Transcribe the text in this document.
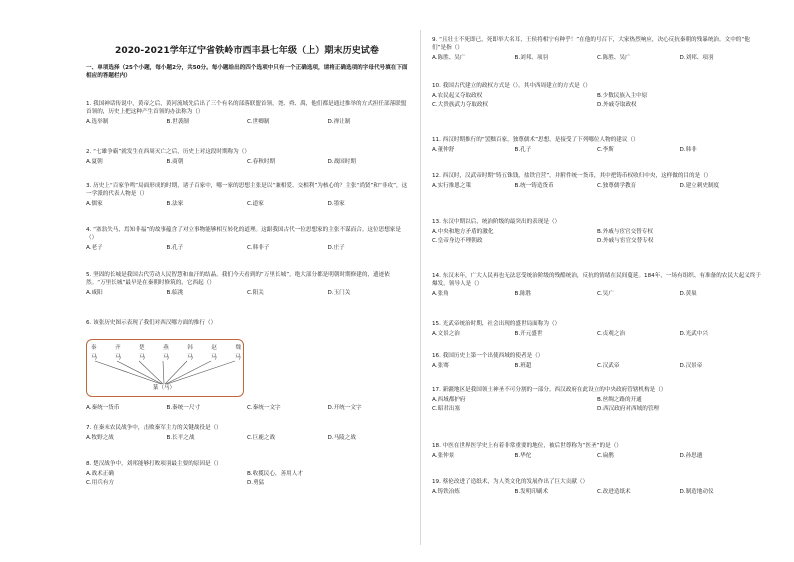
2020-2021学年辽宁省铁岭市西丰县七年级（上）期末历史试卷
一、单项选择（25个小题，每小题2分，共50分。每小题给出的四个选项中只有一个正确选项，请将正确选项的字母代号填在下面相应的答题栏内）
1. 我国神话传说中，黄帝之后，黄河流域先后出了三个有名的部落联盟首领，尧、舜、禹，他们都是通过推举的方式担任部落联盟首领的，历史上把这种产生首领的办法称为（）
A.选举制	B.世袭制	C.世卿制	D.禅让制
2. “七雄争霸”就发生在西周灭亡之后，历史上对这段时期称为（）
A.夏朝	B.商朝	C.春秋时期	D.战国时期
3. 历史上“百家争鸣”局面形成的时期，诸子百家中，哪一家的思想主张是以“兼相爱、交相利”为核心的？主张“尚贤”和“非攻”，这一学派的代表人物是（）
A.儒家	B.法家	C.道家	D.墨家
4. “塞翁失马，焉知非福”的故事蕴含了对立事物能够相互转化的道理。这跟我国古代一位思想家的主张不谋而合。这位思想家是（）
A.老子	B.孔子	C.韩非子	D.庄子
5. 坚固的长城是我国古代劳动人民智慧和血汗的结晶。我们今天看到的“万里长城”，绝大部分都是明朝时期修建的，遗迹依然。“万里长城”最早是在秦朝时修筑的，它西起（）
A.咸阳	B.临洮	C.阳关	D.玉门关
6. 该张历史图示表现了我们对西汉哪方面的推行（）
秦	齐	楚	燕	韩	赵	魏
马	马	马	马	马	马	马
篆（马）
A.秦统一货币	B.秦统一尺寸	C.秦统一文字	D.开统一文字
7. 在秦末农民战争中，击败秦军主力的关键战役是（）
A.牧野之战	B.长平之战	C.巨鹿之战	D.马陵之战
8. 楚汉战争中，刘邦能够打败项羽最主要的原因是（）
A.战术正确	B.收揽民心，善用人才
C.用兵有方	D.勇猛
9. “且壮士不死即已，死即举大名耳，王侯将相宁有种乎！”在他的号召下，大家热烈响应，决心反抗秦朝的残暴统治。文中的“他们”是指（）
A.陈胜、吴广	B.刘邦、项羽	C.陈胜、吴广	D.刘邦、项羽
10. 我国古代建立的政权方式是（）。其中西周建立的方式是（）
A.农民起义夺取政权	B.少数民族入主中原
C.大贵族武力夺取政权	D.外戚夺取政权
11. 西汉时期推行的“罢黜百家，独尊儒术”思想，是接受了下列哪位人物的建议（）
A.董仲舒	B.孔子	C.李斯	D.韩非
12. 西汉时，汉武帝时期“铸五铢钱，盐铁官营”，并附件统一货币，其中把铸币权收归中央，这样做的目的是（）
A.实行推恩之策	B.统一铸造货币	C.独尊儒学教育	D.建立刺史制度
13. 东汉中期以后，统治阶级的最突出的表现是（）
A.中央和地方矛盾的激化	B.外戚与宦官交替专权
C.皇帝身边不理朝政	D.外戚与宦官交替专权
14. 东汉末年，广大人民再也无法忍受统治阶级的残酷统治，反抗的情绪在民间蔓延。184年，一场有组织、有准备的农民大起义终于爆发。领导人是（）
A.张角	B.陈胜	C.吴广	D.黄巢
15. 光武帝统治时期，社会出现的盛世局面称为（）
A.文景之治	B.开元盛世	C.贞观之治	D.光武中兴
16. 我国历史上第一个出使西域的使者是（）
A.张骞	B.班超	C.汉武帝	D.汉景帝
17. 新疆地区是我国领土神圣不可分割的一部分。西汉政府在此设立的中央政府管辖机构是（）
A.西域都护府	B.丝绸之路的开通
C.昭君出塞	D.西汉政府对西域的管理
18. 中医在世界医学史上有着非常重要的地位，被后世尊称为“医圣”的是（）
A.张仲景	B.华佗	C.扁鹊	D.孙思邈
19. 蔡伦改进了造纸术，为人类文化的发展作出了巨大贡献（）
A.铸铁冶炼	B.发明印刷术	C.改进造纸术	D.制造地动仪
